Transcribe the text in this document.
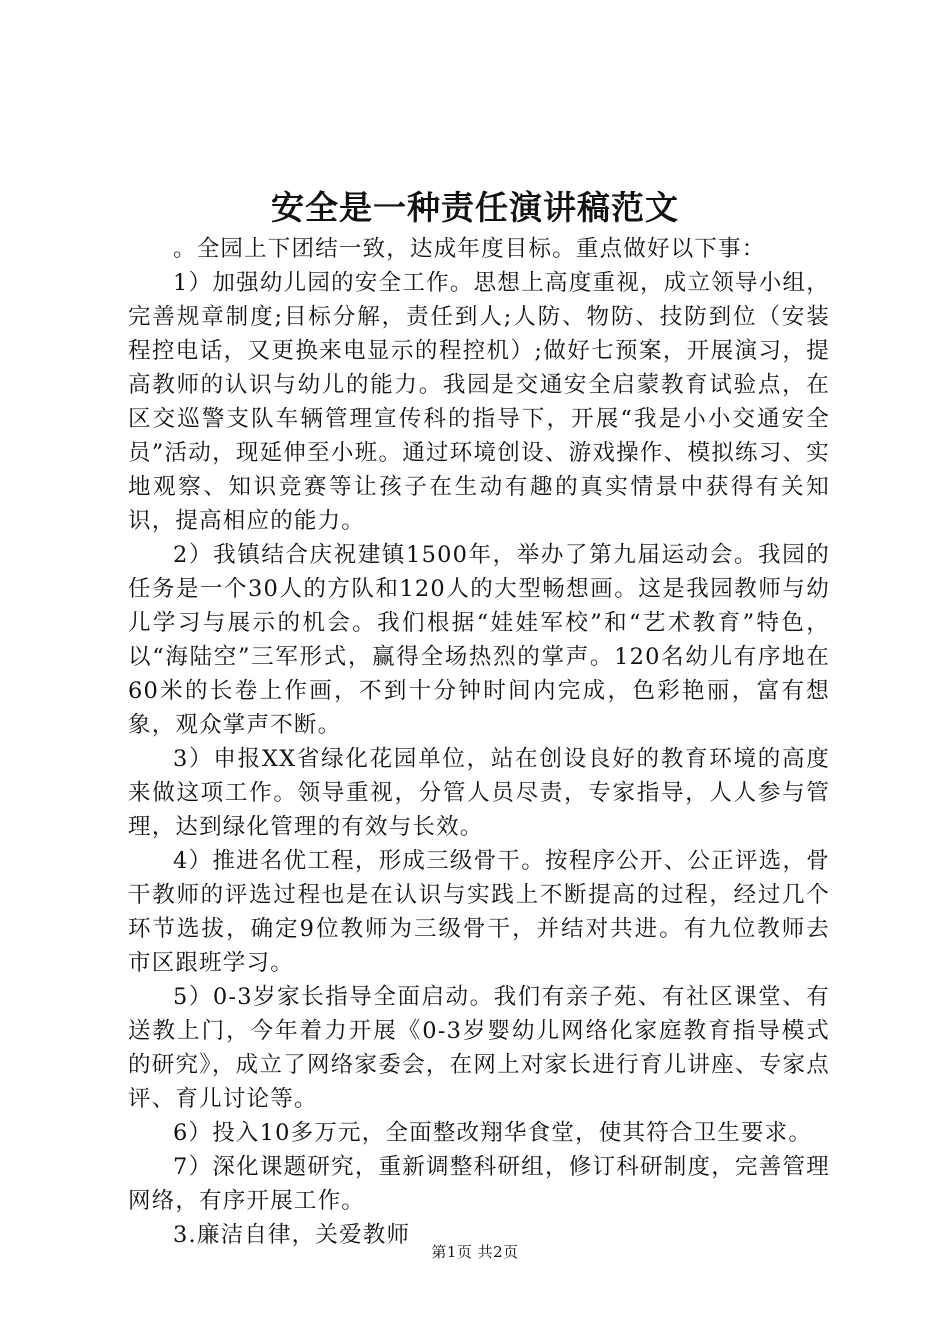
安全是一种责任演讲稿范文

。全园上下团结一致，达成年度目标。重点做好以下事：

1）加强幼儿园的安全工作。思想上高度重视，成立领导小组，完善规章制度;目标分解，责任到人;人防、物防、技防到位（安装程控电话，又更换来电显示的程控机）;做好七预案，开展演习，提高教师的认识与幼儿的能力。我园是交通安全启蒙教育试验点，在区交巡警支队车辆管理宣传科的指导下，开展“我是小小交通安全员”活动，现延伸至小班。通过环境创设、游戏操作、模拟练习、实地观察、知识竞赛等让孩子在生动有趣的真实情景中获得有关知识，提高相应的能力。

2）我镇结合庆祝建镇1500年，举办了第九届运动会。我园的任务是一个30人的方队和120人的大型畅想画。这是我园教师与幼儿学习与展示的机会。我们根据“娃娃军校”和“艺术教育”特色，以“海陆空”三军形式，赢得全场热烈的掌声。120名幼儿有序地在60米的长卷上作画，不到十分钟时间内完成，色彩艳丽，富有想象，观众掌声不断。

3）申报XX省绿化花园单位，站在创设良好的教育环境的高度来做这项工作。领导重视，分管人员尽责，专家指导，人人参与管理，达到绿化管理的有效与长效。

4）推进名优工程，形成三级骨干。按程序公开、公正评选，骨干教师的评选过程也是在认识与实践上不断提高的过程，经过几个环节选拔，确定9位教师为三级骨干，并结对共进。有九位教师去市区跟班学习。

5）0-3岁家长指导全面启动。我们有亲子苑、有社区课堂、有送教上门，今年着力开展《0-3岁婴幼儿网络化家庭教育指导模式的研究》，成立了网络家委会，在网上对家长进行育儿讲座、专家点评、育儿讨论等。

6）投入10多万元，全面整改翔华食堂，使其符合卫生要求。

7）深化课题研究，重新调整科研组，修订科研制度，完善管理网络，有序开展工作。

3.廉洁自律，关爱教师

第1页 共2页
